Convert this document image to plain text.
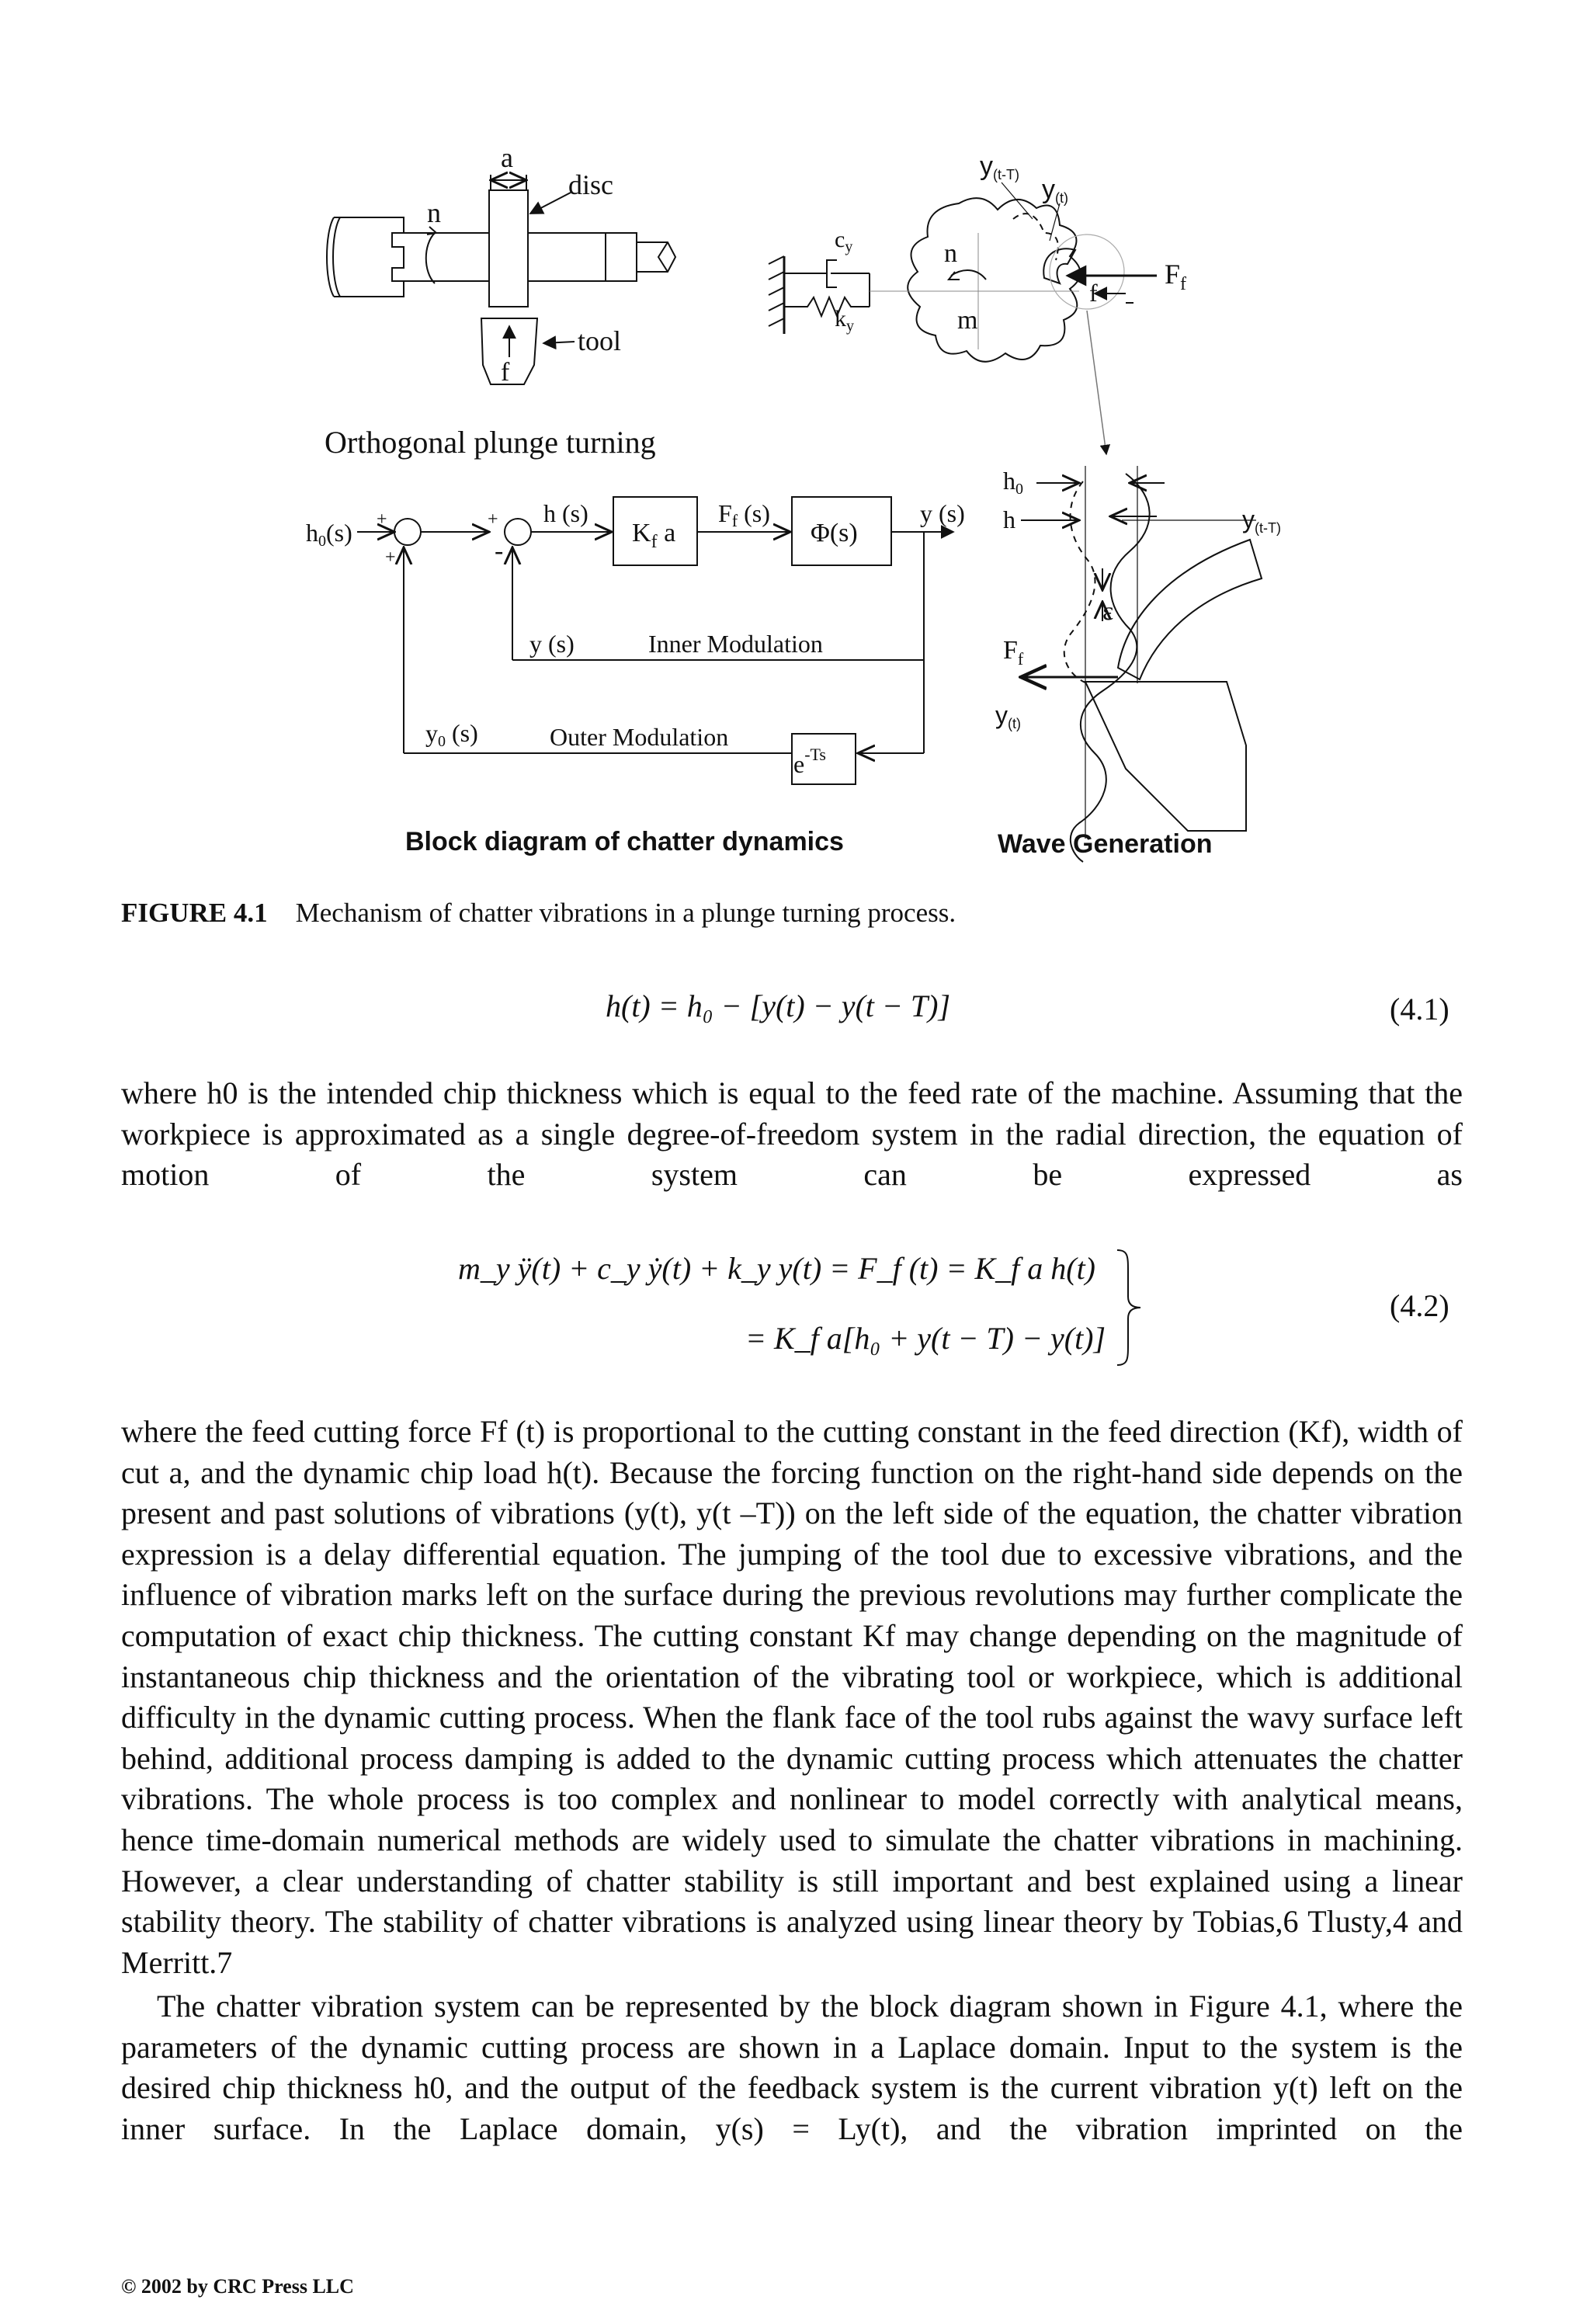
a
disc
n
tool
f
Orthogonal plunge turning
$c_y$
$k_y$
n
m
y(t-T) y(t)
$F_f$
f
h0(s) +
+
+
-
h (s)
$K_f$ a
Ff (s)
Φ(s)
y (s)
y (s)	Inner Modulation
y0 (s)	Outer Modulation
$e^{-Ts}$
Block diagram of chatter dynamics
h0
h	y(t-T)
ε
$F_f$
y(t)
Wave Generation
FIGURE 4.1 Mechanism of chatter vibrations in a plunge turning process.
h(t) = h₀ − [y(t) − y(t − T)]	(4.1)
where h0 is the intended chip thickness which is equal to the feed rate of the machine. Assuming that the workpiece is approximated as a single degree-of-freedom system in the radial direction, the equation of motion of the system can be expressed as
m_y ÿ(t) + c_y ẏ(t) + k_y y(t) = F_f (t) = K_f a h(t)
= K_f a[h₀ + y(t − T) − y(t)]
(4.2)
where the feed cutting force Ff (t) is proportional to the cutting constant in the feed direction (Kf), width of cut a, and the dynamic chip load h(t). Because the forcing function on the right-hand side depends on the present and past solutions of vibrations (y(t), y(t –T)) on the left side of the equation, the chatter vibration expression is a delay differential equation. The jumping of the tool due to excessive vibrations, and the influence of vibration marks left on the surface during the previous revolutions may further complicate the computation of exact chip thickness. The cutting constant Kf may change depending on the magnitude of instantaneous chip thickness and the orientation of the vibrating tool or workpiece, which is additional difficulty in the dynamic cutting process. When the flank face of the tool rubs against the wavy surface left behind, additional process damping is added to the dynamic cutting process which attenuates the chatter vibrations. The whole process is too complex and nonlinear to model correctly with analytical means, hence time-domain numerical methods are widely used to simulate the chatter vibrations in machining. However, a clear understanding of chatter stability is still important and best explained using a linear stability theory. The stability of chatter vibrations is analyzed using linear theory by Tobias,6 Tlusty,4 and Merritt.7
The chatter vibration system can be represented by the block diagram shown in Figure 4.1, where the parameters of the dynamic cutting process are shown in a Laplace domain. Input to the system is the desired chip thickness h0, and the output of the feedback system is the current vibration y(t) left on the inner surface. In the Laplace domain, y(s) = Ly(t), and the vibration imprinted on the
© 2002 by CRC Press LLC
